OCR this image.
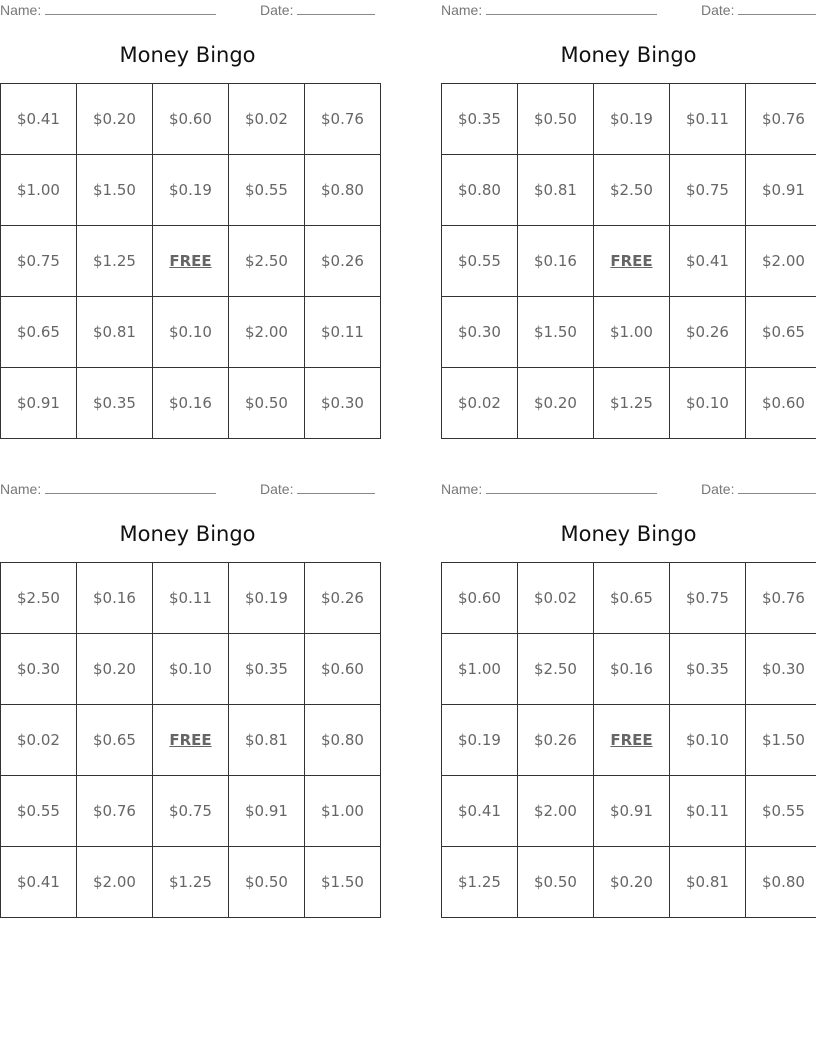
Name:	Date:
Money Bingo
$0.41	$0.20	$0.60	$0.02	$0.76
$1.00	$1.50	$0.19	$0.55	$0.80
$0.75	$1.25	FREE	$2.50	$0.26
$0.65	$0.81	$0.10	$2.00	$0.11
$0.91	$0.35	$0.16	$0.50	$0.30
Name:	Date:
Money Bingo
$0.35	$0.50	$0.19	$0.11	$0.76
$0.80	$0.81	$2.50	$0.75	$0.91
$0.55	$0.16	FREE	$0.41	$2.00
$0.30	$1.50	$1.00	$0.26	$0.65
$0.02	$0.20	$1.25	$0.10	$0.60
Name:	Date:
Money Bingo
$2.50	$0.16	$0.11	$0.19	$0.26
$0.30	$0.20	$0.10	$0.35	$0.60
$0.02	$0.65	FREE	$0.81	$0.80
$0.55	$0.76	$0.75	$0.91	$1.00
$0.41	$2.00	$1.25	$0.50	$1.50
Name:	Date:
Money Bingo
$0.60	$0.02	$0.65	$0.75	$0.76
$1.00	$2.50	$0.16	$0.35	$0.30
$0.19	$0.26	FREE	$0.10	$1.50
$0.41	$2.00	$0.91	$0.11	$0.55
$1.25	$0.50	$0.20	$0.81	$0.80
